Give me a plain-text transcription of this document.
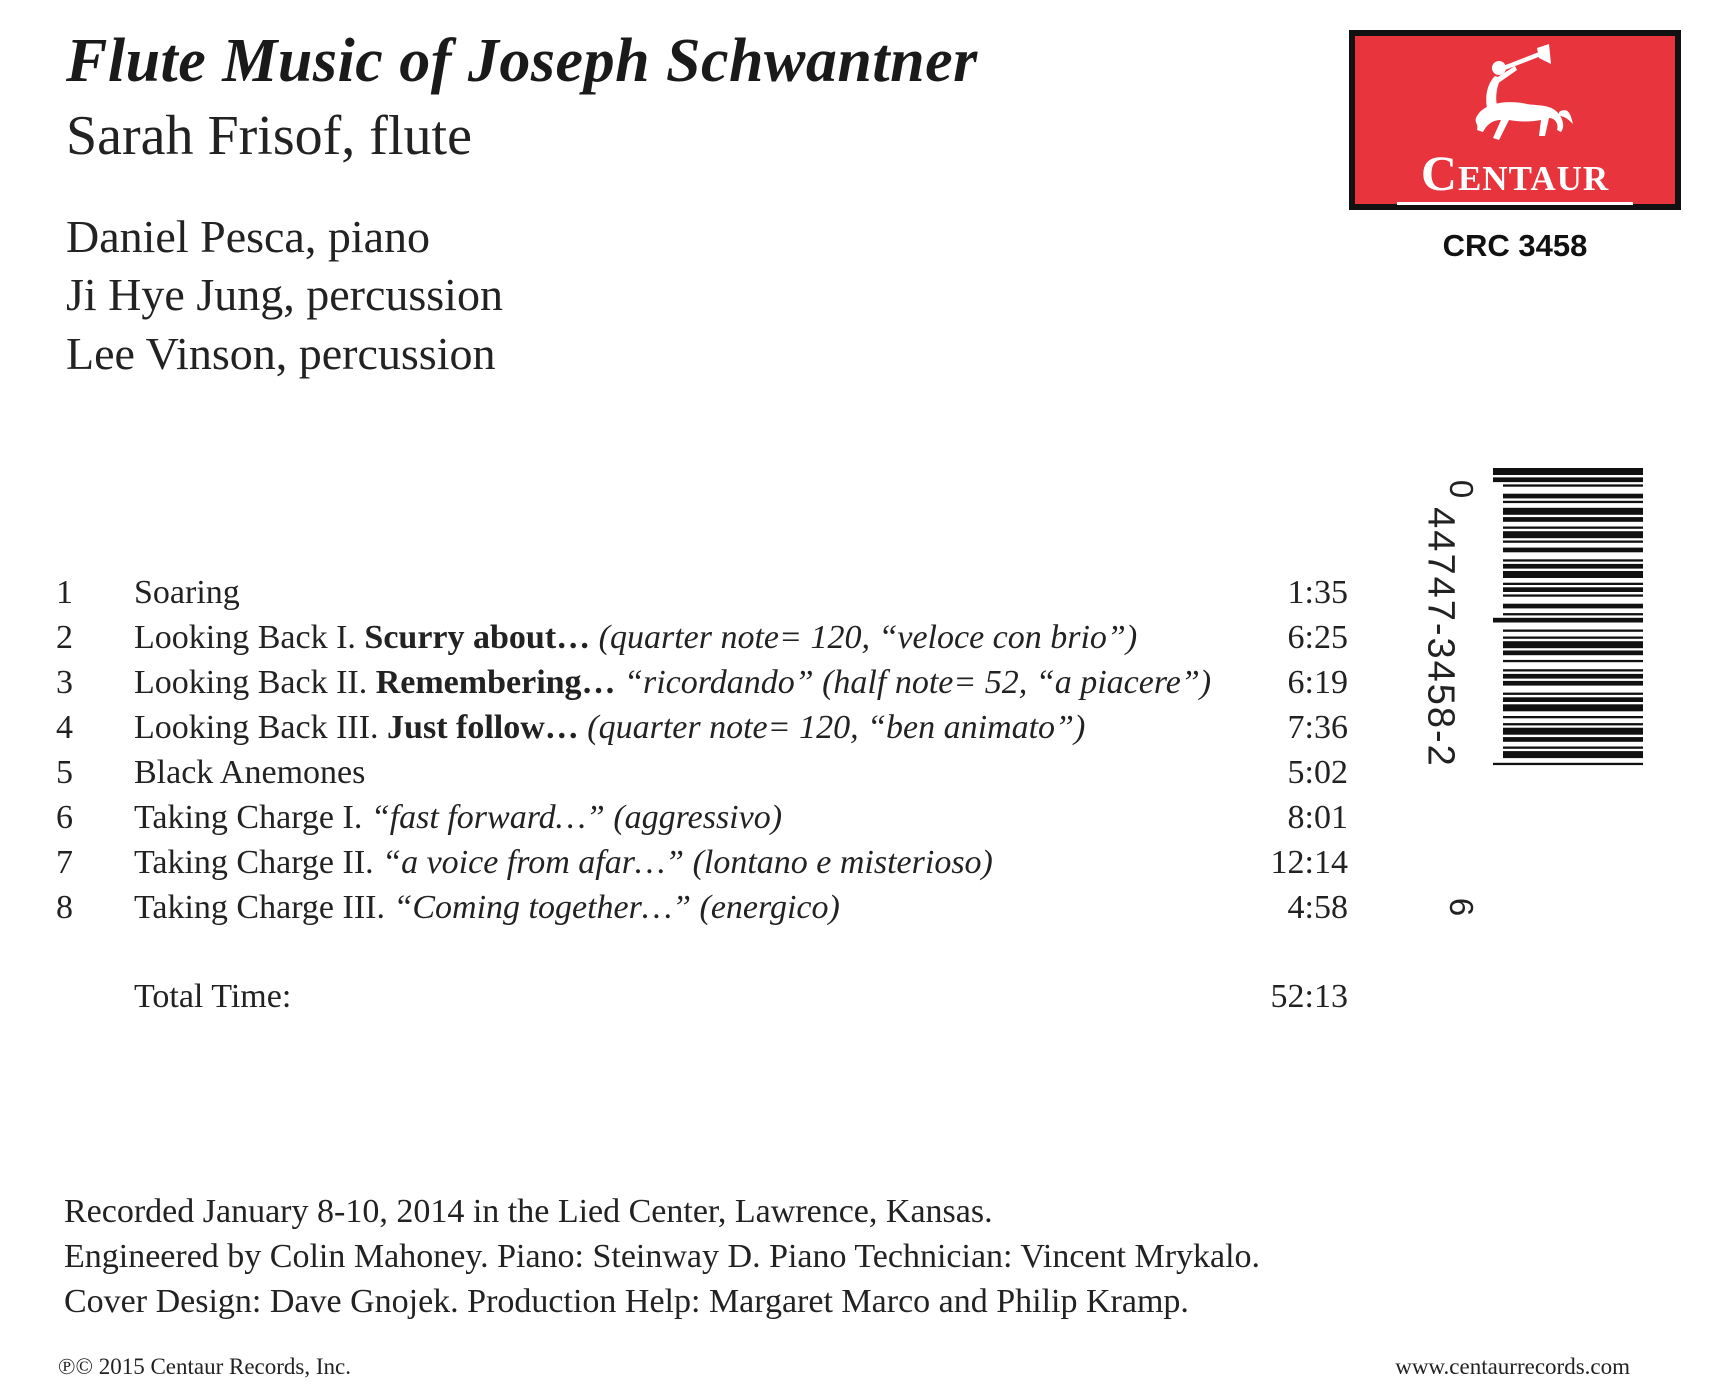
Flute Music of Joseph Schwantner
Sarah Frisof, flute
Daniel Pesca, piano
Ji Hye Jung, percussion
Lee Vinson, percussion
Centaur
CRC 3458
0
44747-3458-2
6
1 Soaring	1:35
2 Looking Back I. Scurry about… (quarter note= 120, “veloce con brio”)	6:25
3 Looking Back II. Remembering… “ricordando” (half note= 52, “a piacere”) 6:19
4 Looking Back III. Just follow… (quarter note= 120, “ben animato”)	7:36
5 Black Anemones	5:02
6 Taking Charge I. “fast forward…” (aggressivo)	8:01
7 Taking Charge II. “a voice from afar…” (lontano e misterioso)	12:14
8 Taking Charge III. “Coming together…” (energico)	4:58
Total Time:	52:13
Recorded January 8-10, 2014 in the Lied Center, Lawrence, Kansas.
Engineered by Colin Mahoney. Piano: Steinway D. Piano Technician: Vincent Mrykalo.
Cover Design: Dave Gnojek. Production Help: Margaret Marco and Philip Kramp.
℗© 2015 Centaur Records, Inc.	www.centaurrecords.com
